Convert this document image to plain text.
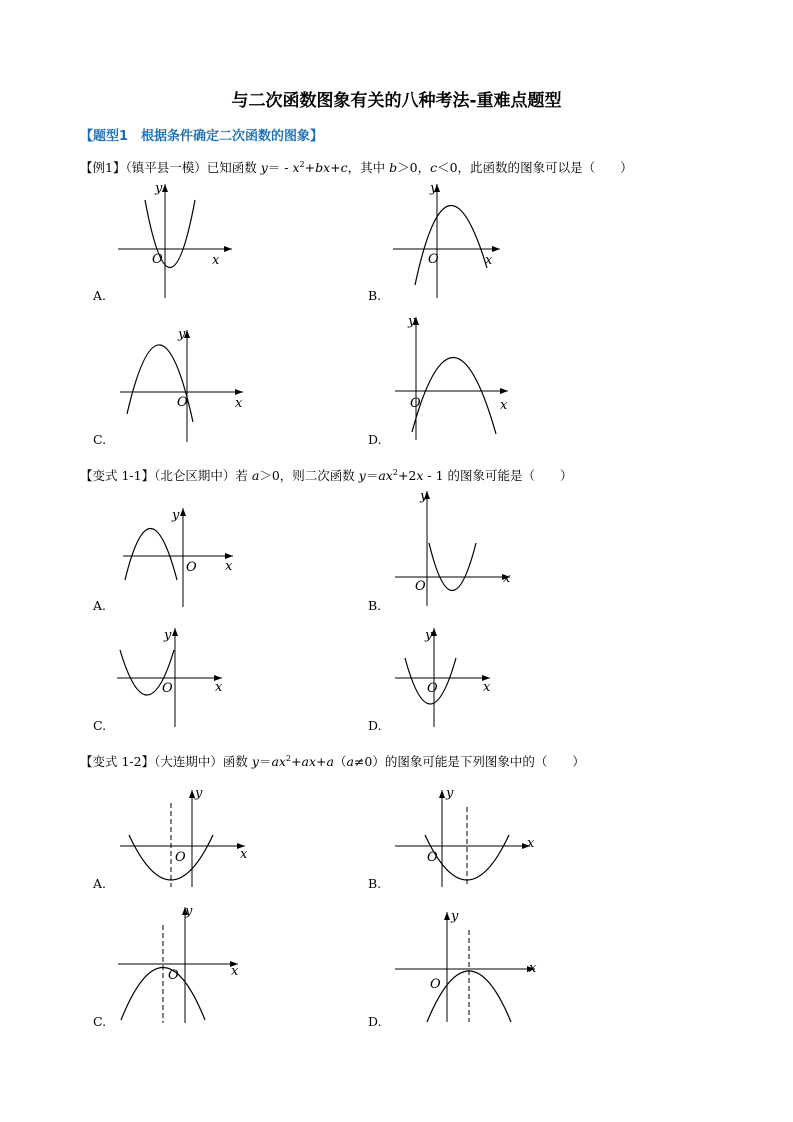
与二次函数图象有关的八种考法-重难点题型
【题型1　根据条件确定二次函数的图象】
【例1】（镇平县一模）已知函数 $y= - x^2+bx+c$，其中 b＞0，c＜0，此函数的图象可以是（　　）
y
x
O
A.
y
x
O
B.
y
x
O
C.
y
x
O
D.
【变式 1-1】（北仑区期中）若 a＞0，则二次函数 $y=ax^2+2x - 1$ 的图象可能是（　　）
y
x
O
A.
y
x
O
B.
y
x
O
C.
y
x
O
D.
【变式 1-2】（大连期中）函数 $y=ax^2+ax+a(a\ne 0)$的图象可能是下列图象中的（　　）
y
x
O
A.
y
x
O
B.
y
x
O
C.
y
x
O
D.
